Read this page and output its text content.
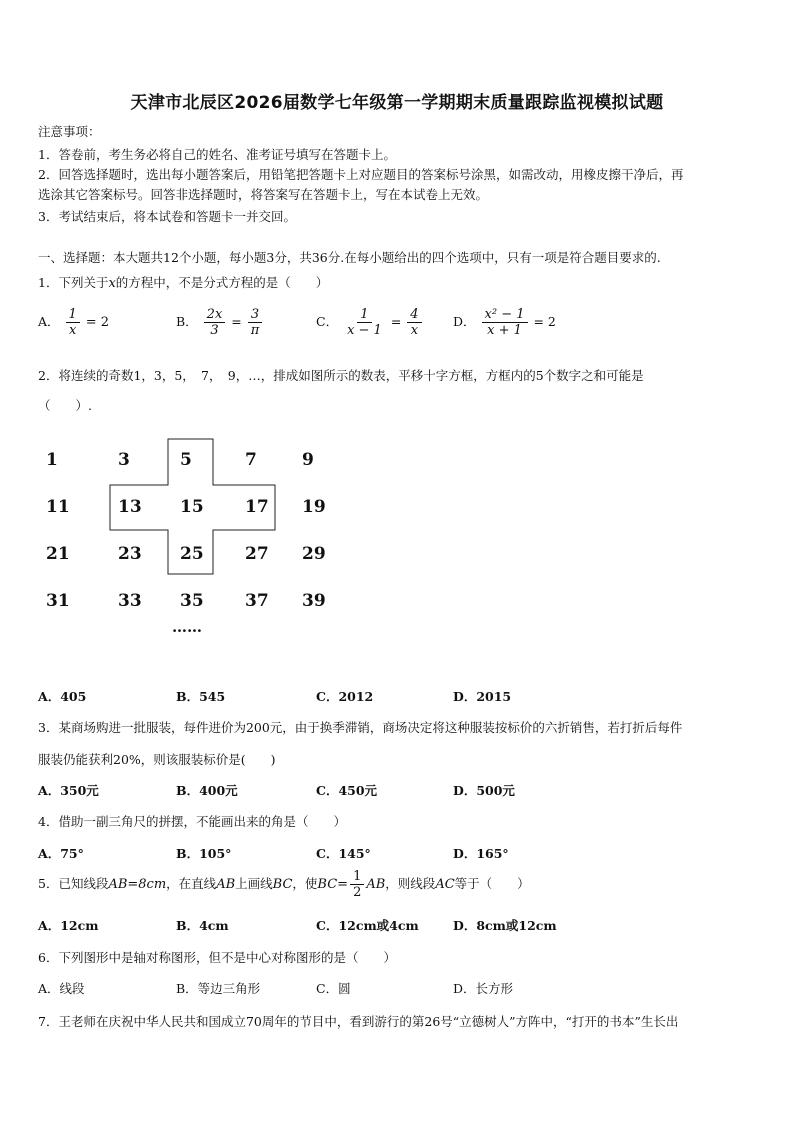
天津市北辰区2026届数学七年级第一学期期末质量跟踪监视模拟试题
注意事项：
1．答卷前，考生务必将自己的姓名、准考证号填写在答题卡上。
2．回答选择题时，选出每小题答案后，用铅笔把答题卡上对应题目的答案标号涂黑，如需改动，用橡皮擦干净后，再
选涂其它答案标号。回答非选择题时，将答案写在答题卡上，写在本试卷上无效。
3．考试结束后，将本试卷和答题卡一并交回。
一、选择题：本大题共12个小题，每小题3分，共36分.在每小题给出的四个选项中，只有一项是符合题目要求的.
1．下列关于x的方程中，不是分式方程的是（　　）
A． $\frac{1}{x} = 2$	B． $\frac{2x}{3} = \frac{3}{\pi}$	C． $\frac{1}{x - 1} = \frac{4}{x}$	D． $\frac{\text{x² − 1}}{x + 1} = 2$
2．将连续的奇数1，3，5，　7，　9，…，排成如图所示的数表，平移十字方框，方框内的5个数字之和可能是
（　　）.
1	3	5	7	9
11	13 15 17 19
21	23 25 27 29
31	33 35 37 39
……
A．405	B．545	C．2012	D．2015
3．某商场购进一批服装，每件进价为200元，由于换季滞销，商场决定将这种服装按标价的六折销售，若打折后每件
服装仍能获利20%，则该服装标价是(　　)
A．350元	B．400元	C．450元	D．500元
4．借助一副三角尺的拼摆，不能画出来的角是（　　）
A．75°	B．105°	C．145°	D．165°
5．已知线段AB=8cm，在直线AB上画线BC，使$BC= \frac{1}{2}$ AB，则线段AC等于（　　）
A．12cm	B．4cm	C．12cm或4cm	D．8cm或12cm
6．下列图形中是轴对称图形，但不是中心对称图形的是（　　）
A．线段	B．等边三角形	C．圆	D．长方形
7．王老师在庆祝中华人民共和国成立70周年的节目中，看到游行的第26号“立德树人”方阵中，“打开的书本”生长出
